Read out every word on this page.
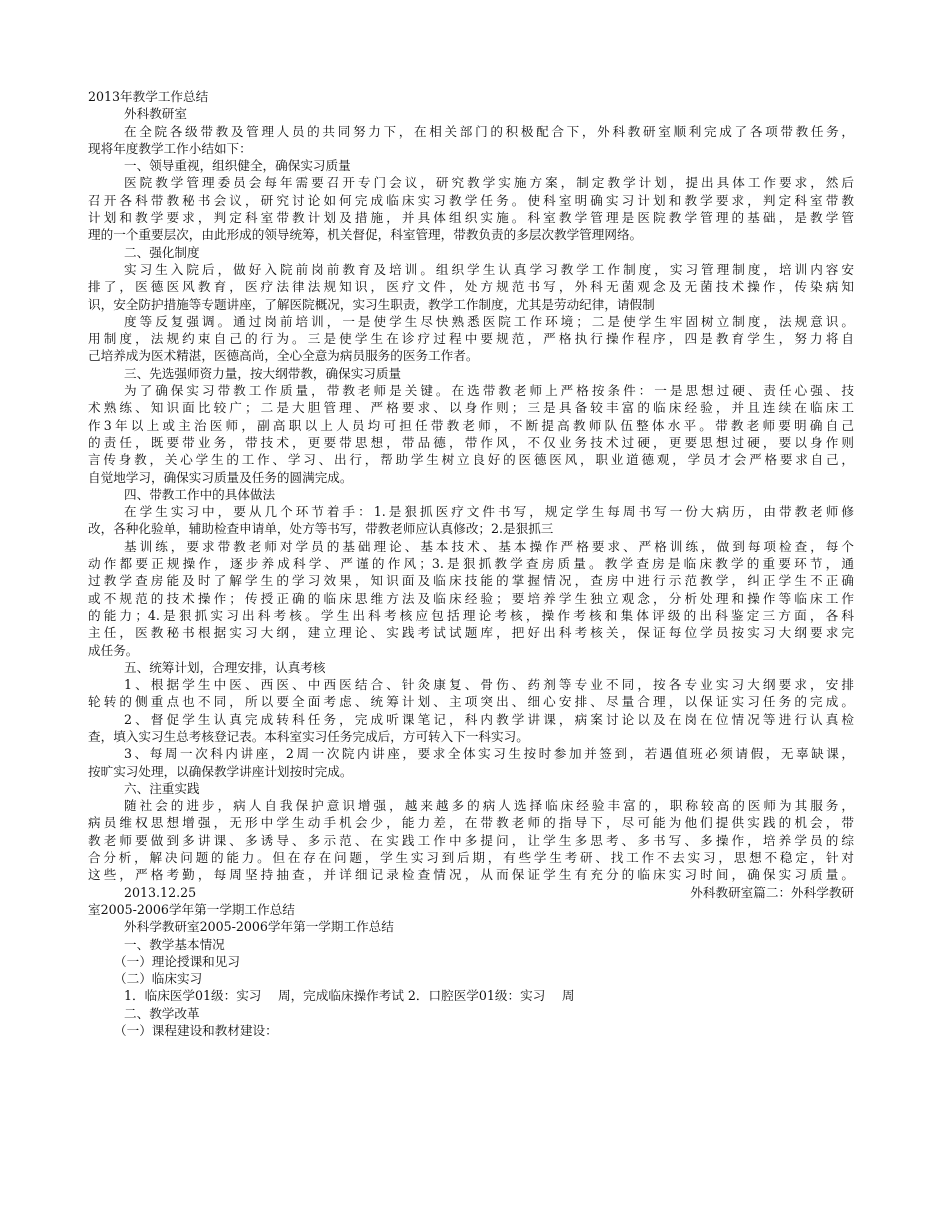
2013年教学工作总结
外科教研室
在全院各级带教及管理人员的共同努力下，在相关部门的积极配合下，外科教研室顺利完成了各项带教任务，
现将年度教学工作小结如下：
一、领导重视，组织健全，确保实习质量
医院教学管理委员会每年需要召开专门会议，研究教学实施方案，制定教学计划，提出具体工作要求，然后
召开各科带教秘书会议，研究讨论如何完成临床实习教学任务。使科室明确实习计划和教学要求，判定科室带教
计划和教学要求，判定科室带教计划及措施，并具体组织实施。科室教学管理是医院教学管理的基础，是教学管
理的一个重要层次，由此形成的领导统筹，机关督促，科室管理，带教负责的多层次教学管理网络。
二、强化制度
实习生入院后，做好入院前岗前教育及培训。组织学生认真学习教学工作制度，实习管理制度，培训内容安
排了，医德医风教育，医疗法律法规知识，医疗文件，处方规范书写，外科无菌观念及无菌技术操作，传染病知
识，安全防护措施等专题讲座，了解医院概况，实习生职责，教学工作制度，尤其是劳动纪律，请假制
度等反复强调。通过岗前培训，一是使学生尽快熟悉医院工作环境；二是使学生牢固树立制度，法规意识。
用制度，法规约束自己的行为。三是使学生在诊疗过程中要规范，严格执行操作程序，四是教育学生，努力将自
己培养成为医术精湛，医德高尚，全心全意为病员服务的医务工作者。
三、先选强师资力量，按大纲带教，确保实习质量
为了确保实习带教工作质量，带教老师是关键。在选带教老师上严格按条件：一是思想过硬、责任心强、技
术熟练、知识面比较广；二是大胆管理、严格要求、以身作则；三是具备较丰富的临床经验，并且连续在临床工
作3年以上或主治医师，副高职以上人员均可担任带教老师，不断提高教师队伍整体水平。带教老师要明确自己
的责任，既要带业务，带技术，更要带思想，带品德，带作风，不仅业务技术过硬，更要思想过硬，要以身作则
言传身教，关心学生的工作、学习、出行，帮助学生树立良好的医德医风，职业道德观，学员才会严格要求自己，
自觉地学习，确保实习质量及任务的圆满完成。
四、带教工作中的具体做法
在学生实习中，要从几个环节着手：1.是狠抓医疗文件书写，规定学生每周书写一份大病历，由带教老师修
改，各种化验单，辅助检查申请单，处方等书写，带教老师应认真修改；2.是狠抓三
基训练，要求带教老师对学员的基础理论、基本技术、基本操作严格要求、严格训练，做到每项检查，每个
动作都要正规操作，逐步养成科学、严谨的作风；3.是狠抓教学查房质量。教学查房是临床教学的重要环节，通
过教学查房能及时了解学生的学习效果，知识面及临床技能的掌握情况，查房中进行示范教学，纠正学生不正确
或不规范的技术操作；传授正确的临床思维方法及临床经验；要培养学生独立观念，分析处理和操作等临床工作
的能力；4.是狠抓实习出科考核。学生出科考核应包括理论考核，操作考核和集体评级的出科鉴定三方面，各科
主任，医教秘书根据实习大纲，建立理论、实践考试试题库，把好出科考核关，保证每位学员按实习大纲要求完
成任务。
五、统筹计划，合理安排，认真考核
1、根据学生中医、西医、中西医结合、针灸康复、骨伤、药剂等专业不同，按各专业实习大纲要求，安排
轮转的侧重点也不同，所以要全面考虑、统筹计划、主项突出、细心安排、尽量合理，以保证实习任务的完成。
2、督促学生认真完成转科任务，完成听课笔记，科内教学讲课，病案讨论以及在岗在位情况等进行认真检
查，填入实习生总考核登记表。本科室实习任务完成后，方可转入下一科实习。
3、每周一次科内讲座，2周一次院内讲座，要求全体实习生按时参加并签到，若遇值班必须请假，无辜缺课，
按旷实习处理，以确保教学讲座计划按时完成。
六、注重实践
随社会的进步，病人自我保护意识增强，越来越多的病人选择临床经验丰富的，职称较高的医师为其服务，
病员维权思想增强，无形中学生动手机会少，能力差，在带教老师的指导下，尽可能为他们提供实践的机会，带
教老师要做到多讲课、多诱导、多示范、在实践工作中多提问，让学生多思考、多书写、多操作，培养学员的综
合分析，解决问题的能力。但在存在问题，学生实习到后期，有些学生考研、找工作不去实习，思想不稳定，针对
这些，严格考勤，每周坚持抽查，并详细记录检查情况，从而保证学生有充分的临床实习时间，确保实习质量。
2013.12.25	外科教研室篇二：外科学教研
室2005-2006学年第一学期工作总结
外科学教研室2005-2006学年第一学期工作总结
一、教学基本情况
（一）理论授课和见习
（二）临床实习
1．临床医学01级：实习　 周，完成临床操作考试 2．口腔医学01级：实习　 周
二、教学改革
（一）课程建设和教材建设：
